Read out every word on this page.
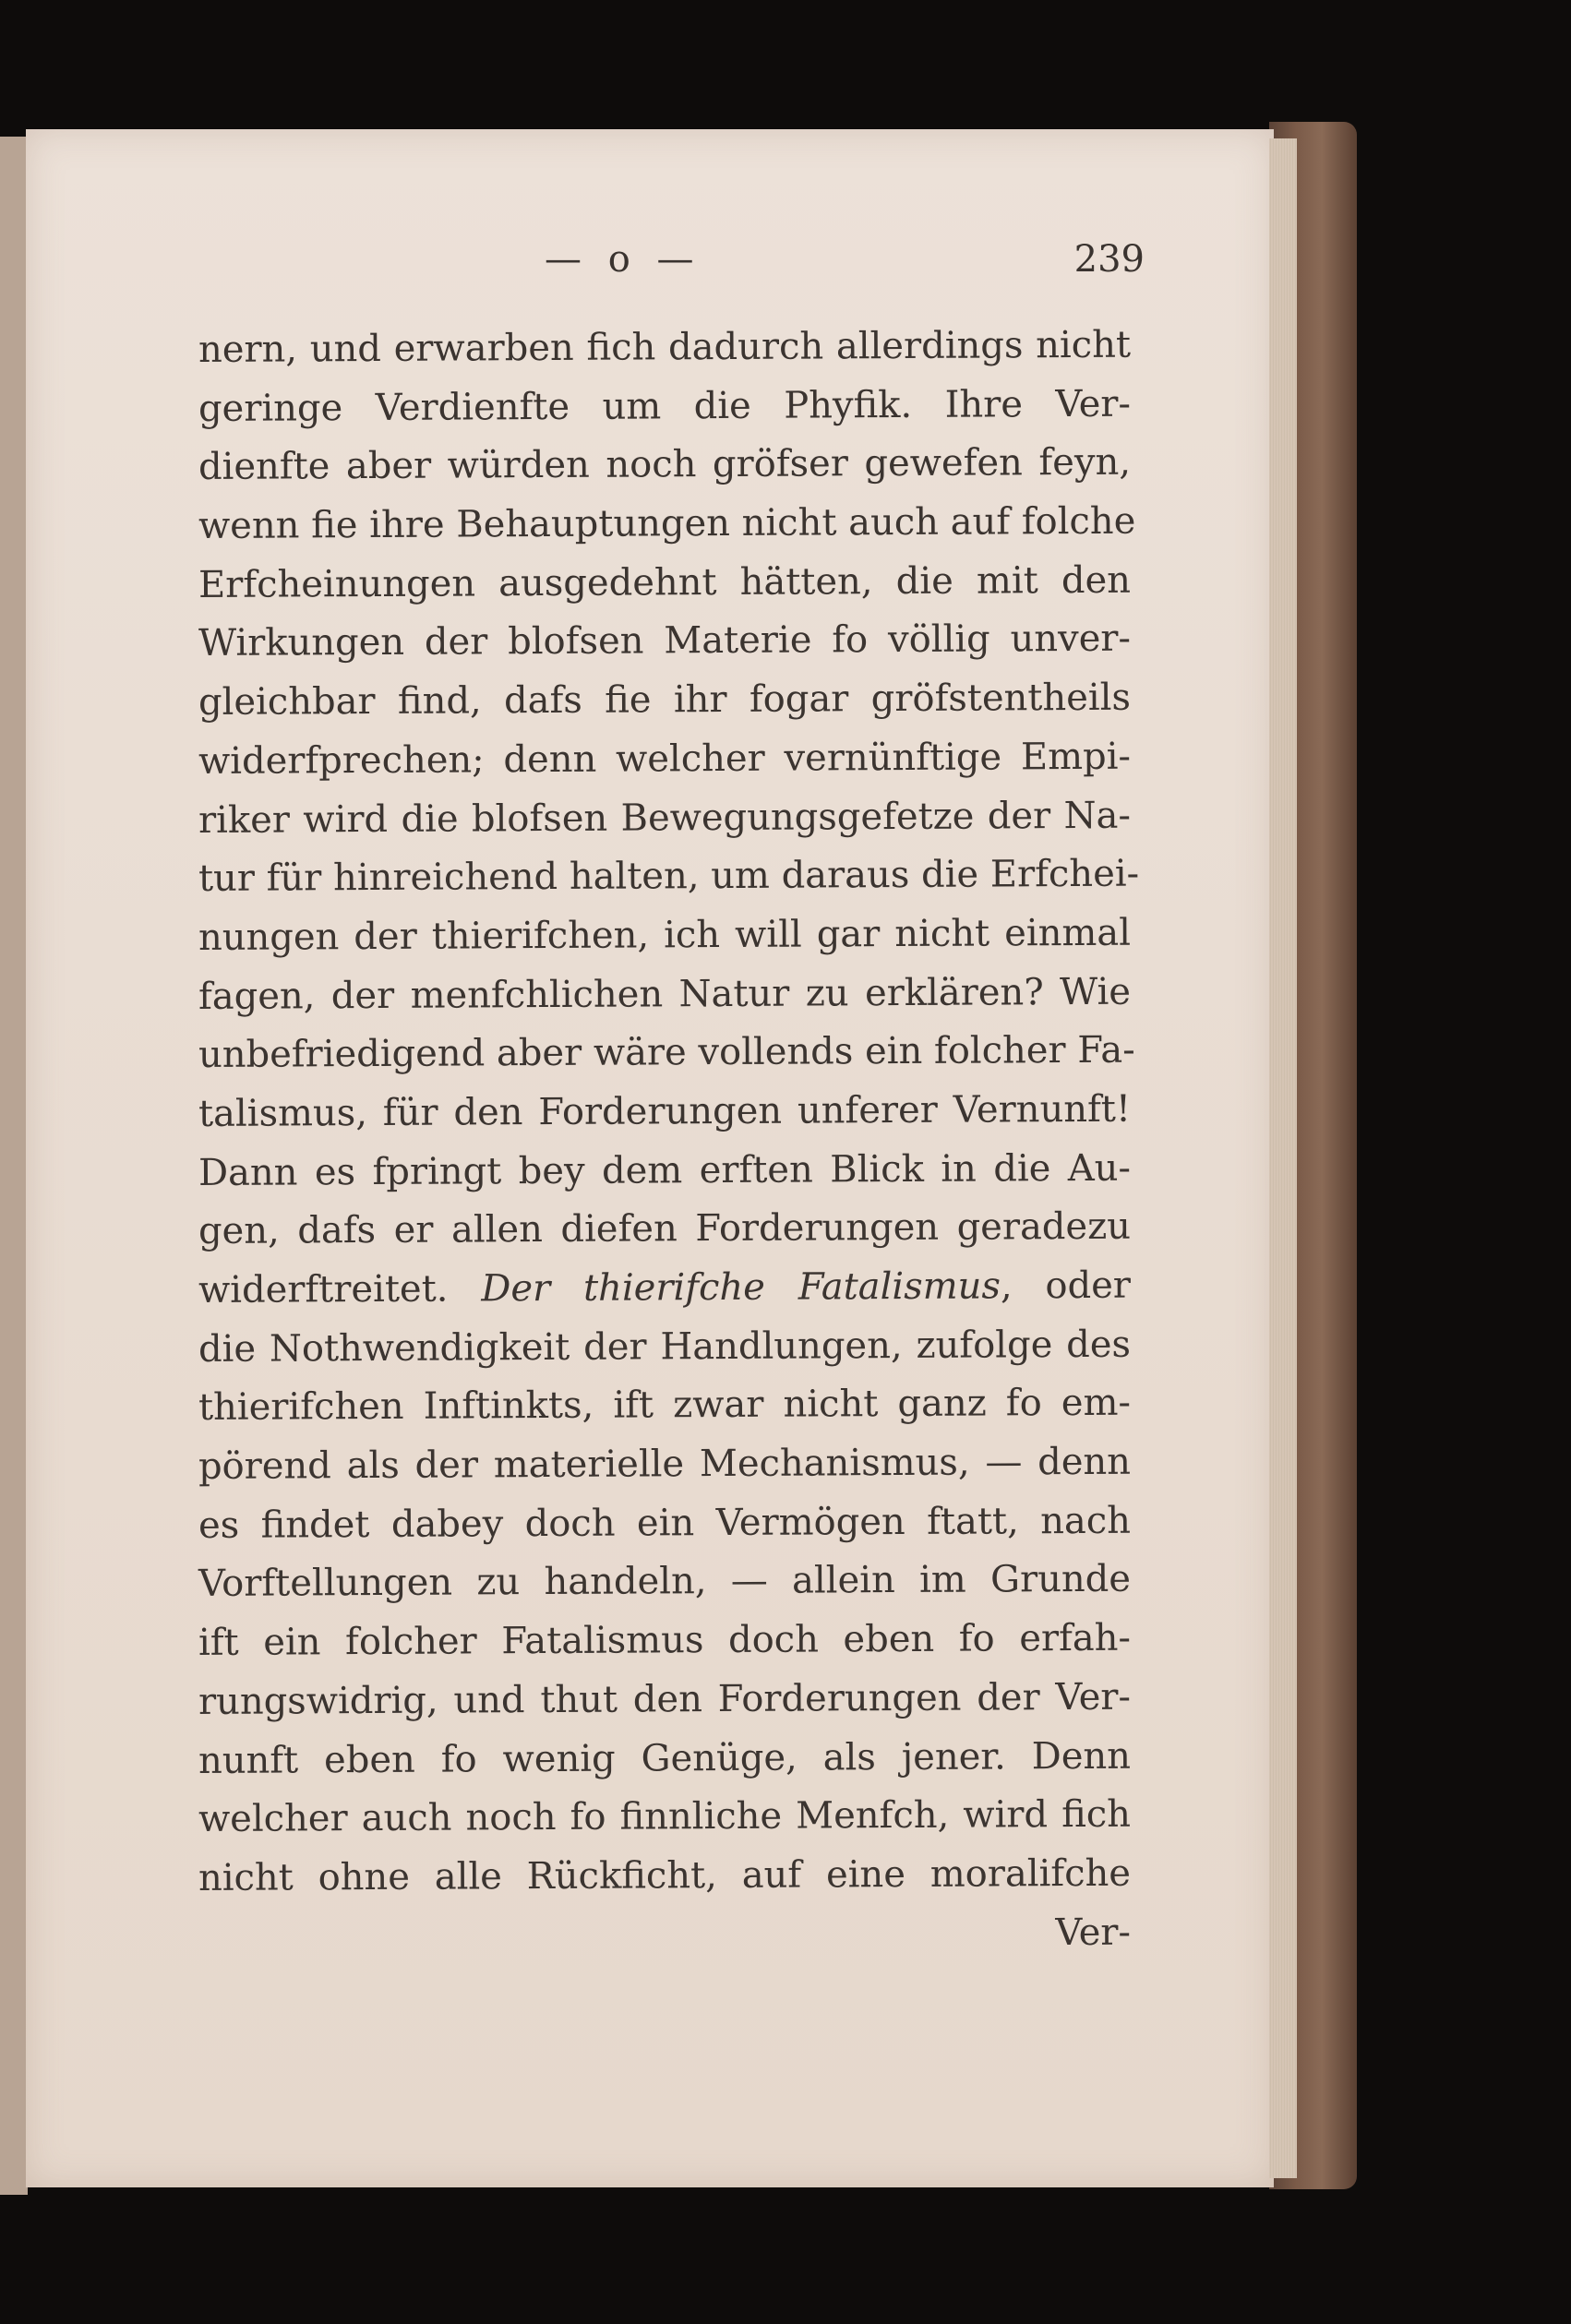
— o —	239
nern, und erwarben fich dadurch allerdings nicht
geringe Verdienfte um die Phyfik. Ihre Ver-
dienfte aber würden noch gröfser gewefen feyn,
wenn fie ihre Behauptungen nicht auch auf folche
Erfcheinungen ausgedehnt hätten, die mit den
Wirkungen der blofsen Materie fo völlig unver-
gleichbar find, dafs fie ihr fogar gröfstentheils
widerfprechen; denn welcher vernünftige Empi-
riker wird die blofsen Bewegungsgefetze der Na-
tur für hinreichend halten, um daraus die Erfchei-
nungen der thierifchen, ich will gar nicht einmal
fagen, der menfchlichen Natur zu erklären? Wie
unbefriedigend aber wäre vollends ein folcher Fa-
talismus, für den Forderungen unferer Vernunft!
Dann es fpringt bey dem erften Blick in die Au-
gen, dafs er allen diefen Forderungen geradezu
widerftreitet. Der thierifche Fatalismus, oder
die Nothwendigkeit der Handlungen, zufolge des
thierifchen Inftinkts, ift zwar nicht ganz fo em-
pörend als der materielle Mechanismus, — denn
es findet dabey doch ein Vermögen ftatt, nach
Vorftellungen zu handeln, — allein im Grunde
ift ein folcher Fatalismus doch eben fo erfah-
rungswidrig, und thut den Forderungen der Ver-
nunft eben fo wenig Genüge, als jener. Denn
welcher auch noch fo finnliche Menfch, wird fich
nicht ohne alle Rückficht, auf eine moralifche
Ver-
